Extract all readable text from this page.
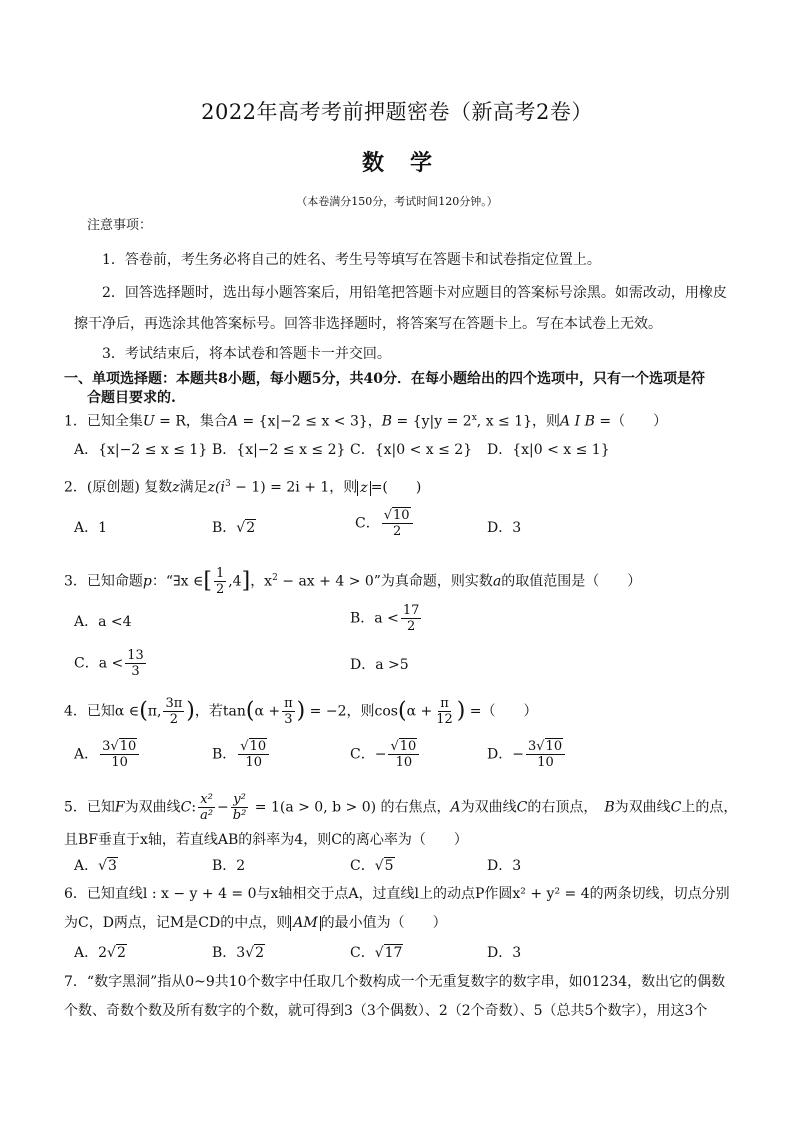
2022年高考考前押题密卷（新高考2卷）
数学
（本卷满分150分，考试时间120分钟。）
注意事项：
1．答卷前，考生务必将自己的姓名、考生号等填写在答题卡和试卷指定位置上。
2．回答选择题时，选出每小题答案后，用铅笔把答题卡对应题目的答案标号涂黑。如需改动，用橡皮
擦干净后，再选涂其他答案标号。回答非选择题时，将答案写在答题卡上。写在本试卷上无效。
3．考试结束后，将本试卷和答题卡一并交回。
一、单项选择题：本题共8小题，每小题5分，共40分．在每小题给出的四个选项中，只有一个选项是符
合题目要求的.
1．已知全集U = R，集合A = {x|−2 ≤ x < 3}，$B = \{y|y = 2^x$, x ≤ 1}，则A I B =（　　）
A．{x|−2 ≤ x ≤ 1} B．{x|−2 ≤ x ≤ 2} C．{x|0 < x ≤ 2} D．{x|0 < x ≤ 1}
2．(原创题) 复数z满足$z(i^3 - 1) = 2i + 1$，则 z =(　　)
A．1	B．√2	C． $\frac{√10}{2}$	D．3
3．已知命题p：“∃x ∈[ $\frac{1}{2} ,4$]，$x^2$ − ax + 4 > 0”为真命题，则实数a的取值范围是（　　）
A．a <4	B．$a < \frac{17}{2}$
C．$a < \frac{13}{3}$	D．a >5
4．已知α ∈(π, $\frac{3\pi}{2}$ )，若$\tan(\alpha + \frac{\pi}{3}$ ) = −2，则$\cos(\alpha + \frac{\pi}{12}$ ) =（　　）
A． $\frac{3√10}{10}$	B． $\frac{√10}{10}$	C．− $\frac{√10}{10}$	D．− $\frac{3√10}{10}$
5．已知F为双曲线C: $\frac{\text{x²}}{\text{a²}} - \frac{\text{y²}}{\text{b²}} = 1(a > 0$, b > 0) 的右焦点，A为双曲线C的右顶点，　B为双曲线C上的点，
且BF垂直于x轴，若直线AB的斜率为4，则C的离心率为（　　）
A．√3	B．2	C．√5	D．3
6．已知直线l : x − y + 4 = 0与x轴相交于点A，过直线l上的动点P作圆x² + y² = 4的两条切线，切点分别
为C，D两点，记M是CD的中点，则 AM 的最小值为（　　）
A．2√2	B．3√2	C．√17	D．3
7．“数字黑洞”指从0~9共10个数字中任取几个数构成一个无重复数字的数字串，如01234，数出它的偶数
个数、奇数个数及所有数字的个数，就可得到3（3个偶数）、2（2个奇数）、5（总共5个数字），用这3个
